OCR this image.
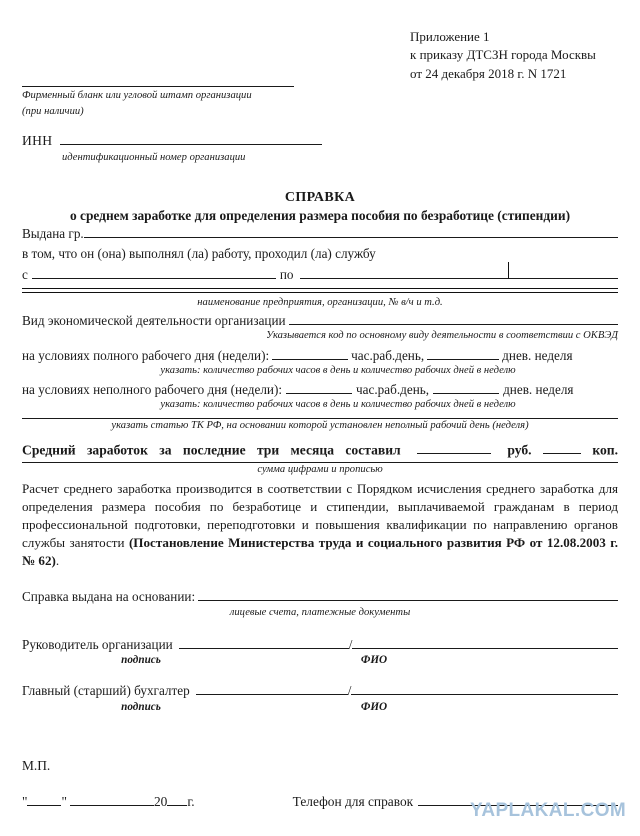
Приложение 1
к приказу ДТСЗН города Москвы
от 24 декабря 2018 г. N 1721
Фирменный бланк или угловой штамп организации
(при наличии)
ИНН
идентификационный номер организации
СПРАВКА
о среднем заработке для определения размера пособия по безработице (стипендии)
Выдана гр.
в том, что он (она) выполнял (ла) работу, проходил (ла) службу
с	по
наименование предприятия, организации, № в/ч и т.д.
Вид экономической деятельности организации
Указывается код по основному виду деятельности в соответствии с ОКВЭД
на условиях полного рабочего дня (недели):	час.раб.день,	днев. неделя
указать: количество рабочих часов в день и количество рабочих дней в неделю
на условиях неполного рабочего дня (недели):	час.раб.день,	днев. неделя
указать: количество рабочих часов в день и количество рабочих дней в неделю
указать статью ТК РФ, на основании которой установлен неполный рабочий день (неделя)
Средний заработок за последние три месяца составил	руб.	коп.
сумма цифрами и прописью
Расчет среднего заработка производится в соответствии с Порядком исчисления среднего заработка для определения размера пособия по безработице и стипендии, выплачиваемой гражданам в период профессиональной подготовки, переподготовки и повышения квалификации по направлению органов службы занятости (Постановление Министерства труда и социального развития РФ от 12.08.2003 г. № 62).
Справка выдана на основании:
лицевые счета, платежные документы
Руководитель организации	/
подпись	ФИО
Главный (старший) бухгалтер	/
подпись	ФИО
М.П.
"	"	20 г.	Телефон для справок	YAPLAKAL.COM
